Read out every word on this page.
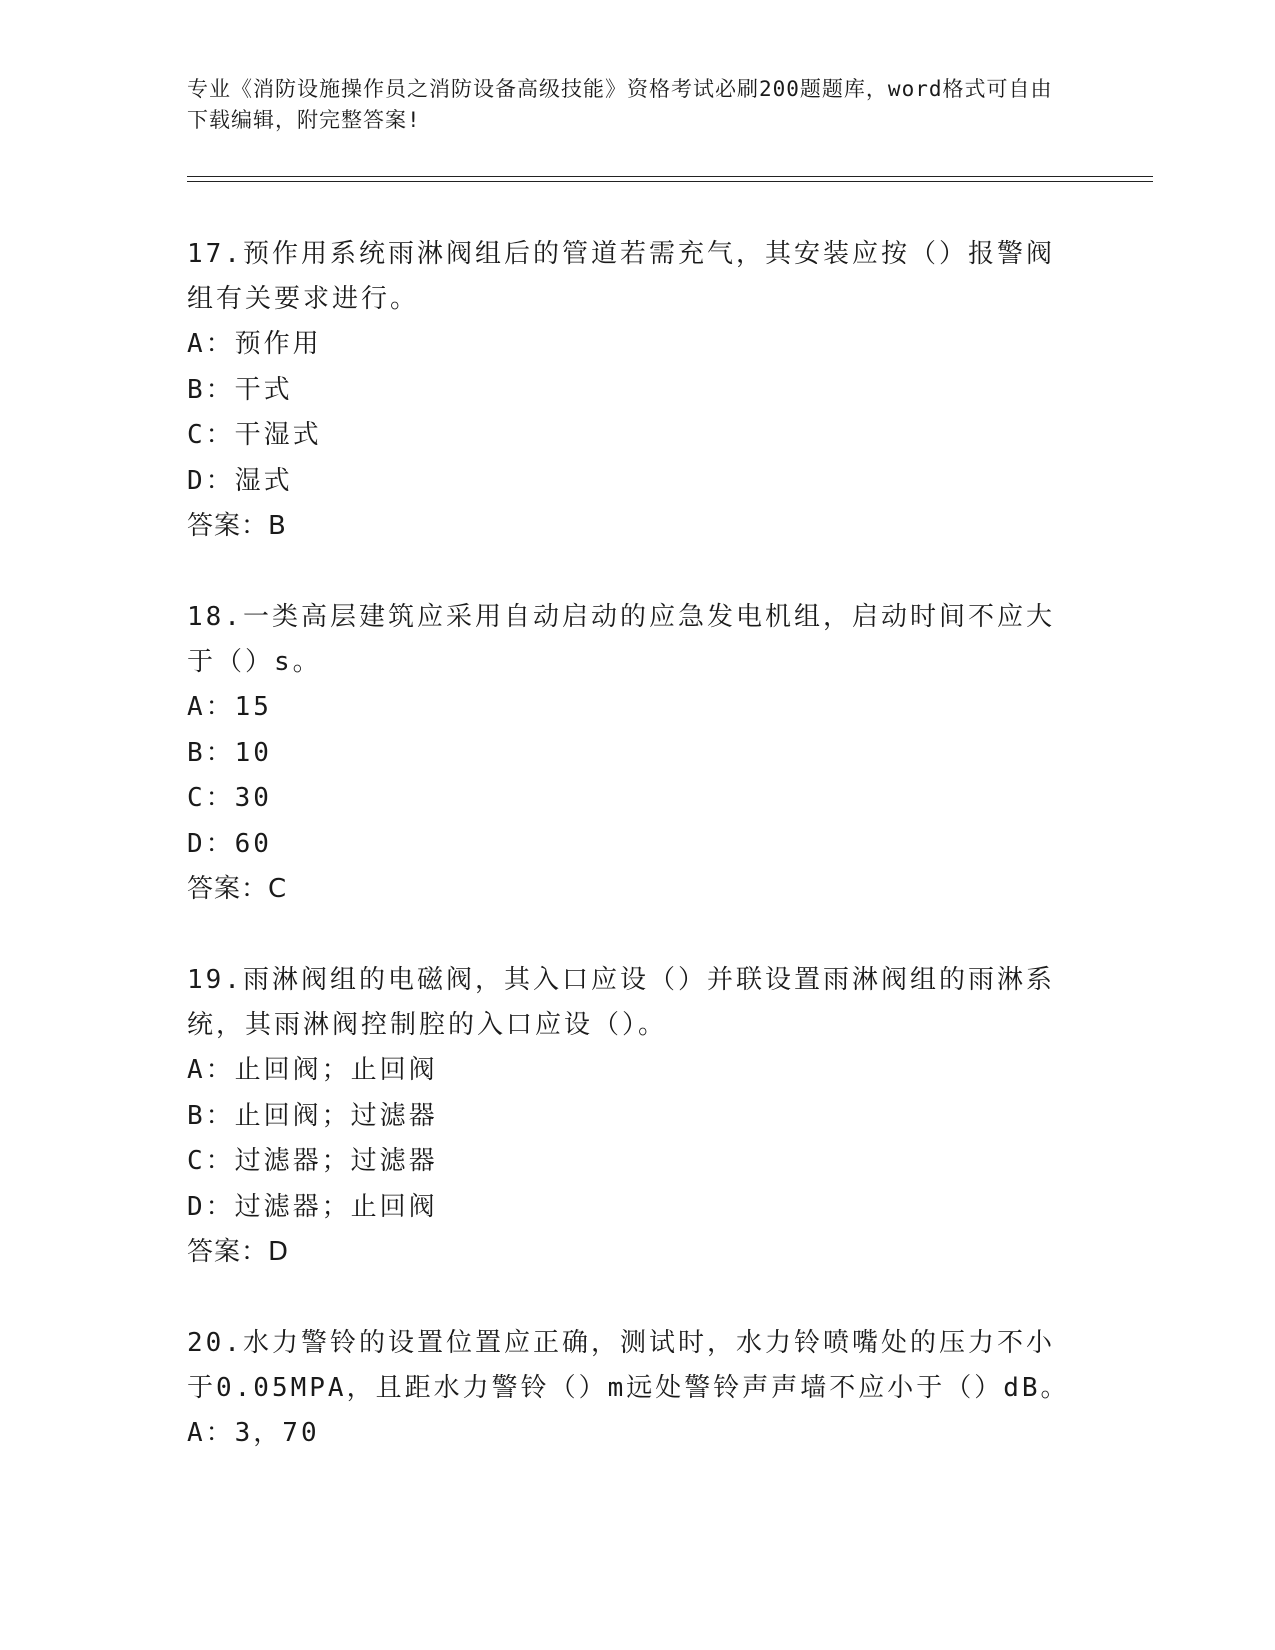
专业《消防设施操作员之消防设备高级技能》资格考试必刷200题题库，word格式可自由下载编辑，附完整答案!

17.预作用系统雨淋阀组后的管道若需充气，其安装应按（）报警阀组有关要求进行。

A：预作用

B：干式

C：干湿式

D：湿式

答案：B

18.一类高层建筑应采用自动启动的应急发电机组，启动时间不应大于（）s。

A：15

B：10

C：30

D：60

答案：C

19.雨淋阀组的电磁阀，其入口应设（）并联设置雨淋阀组的雨淋系统，其雨淋阀控制腔的入口应设（）。

A：止回阀；止回阀

B：止回阀；过滤器

C：过滤器；过滤器

D：过滤器；止回阀

答案：D

20.水力警铃的设置位置应正确，测试时，水力铃喷嘴处的压力不小于0.05MPA，且距水力警铃（）m远处警铃声声墙不应小于（）dB。

A：3，70
